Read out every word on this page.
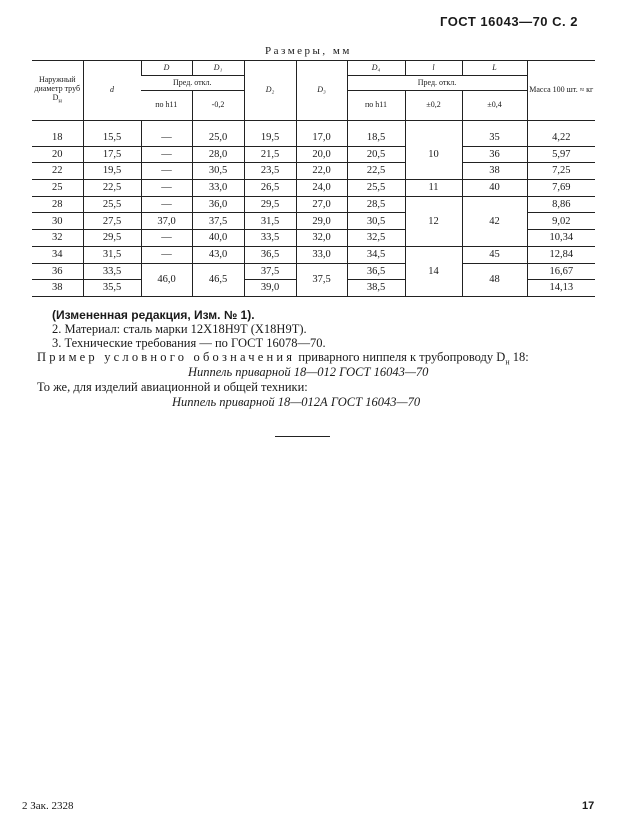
ГОСТ 16043—70 С. 2
Размеры, мм
Наружный диаметр труб $D_н$	d	D	D₁	D₂	D₃	D₄	l	L	Масса 100 шт. ≈ кг
		Пред. откл.				Пред. откл.			
		по h11	-0,2			по h11	±0,2	±0,4	
18	15,5	—	25,0	19,5	17,0	18,5	10	35	4,22
20	17,5	—	28,0	21,5	20,0	20,5		36	5,97
22	19,5	—	30,5	23,5	22,0	22,5		38	7,25
25	22,5	—	33,0	26,5	24,0	25,5	11	40	7,69
28	25,5	—	36,0	29,5	27,0	28,5	12	42	8,86
30	27,5	37,0	37,5	31,5	29,0	30,5			9,02
32	29,5	—	40,0	33,5	32,0	32,5			10,34
34	31,5	—	43,0	36,5	33,0	34,5	14	45	12,84
36	33,5	46,0	46,5	37,5	37,5	36,5		48	16,67
38	35,5			39,0		38,5			14,13
(Измененная редакция, Изм. № 1).
2. Материал: сталь марки 12Х18Н9Т (Х18Н9Т).
3. Технические требования — по ГОСТ 16078—70.
Пример условного обозначения приварного ниппеля к трубопроводу $D_н$ 18:
Ниппель приварной 18—012 ГОСТ 16043—70
То же, для изделий авиационной и общей техники:
Ниппель приварной 18—012А ГОСТ 16043—70
2 Зак. 2328	17
